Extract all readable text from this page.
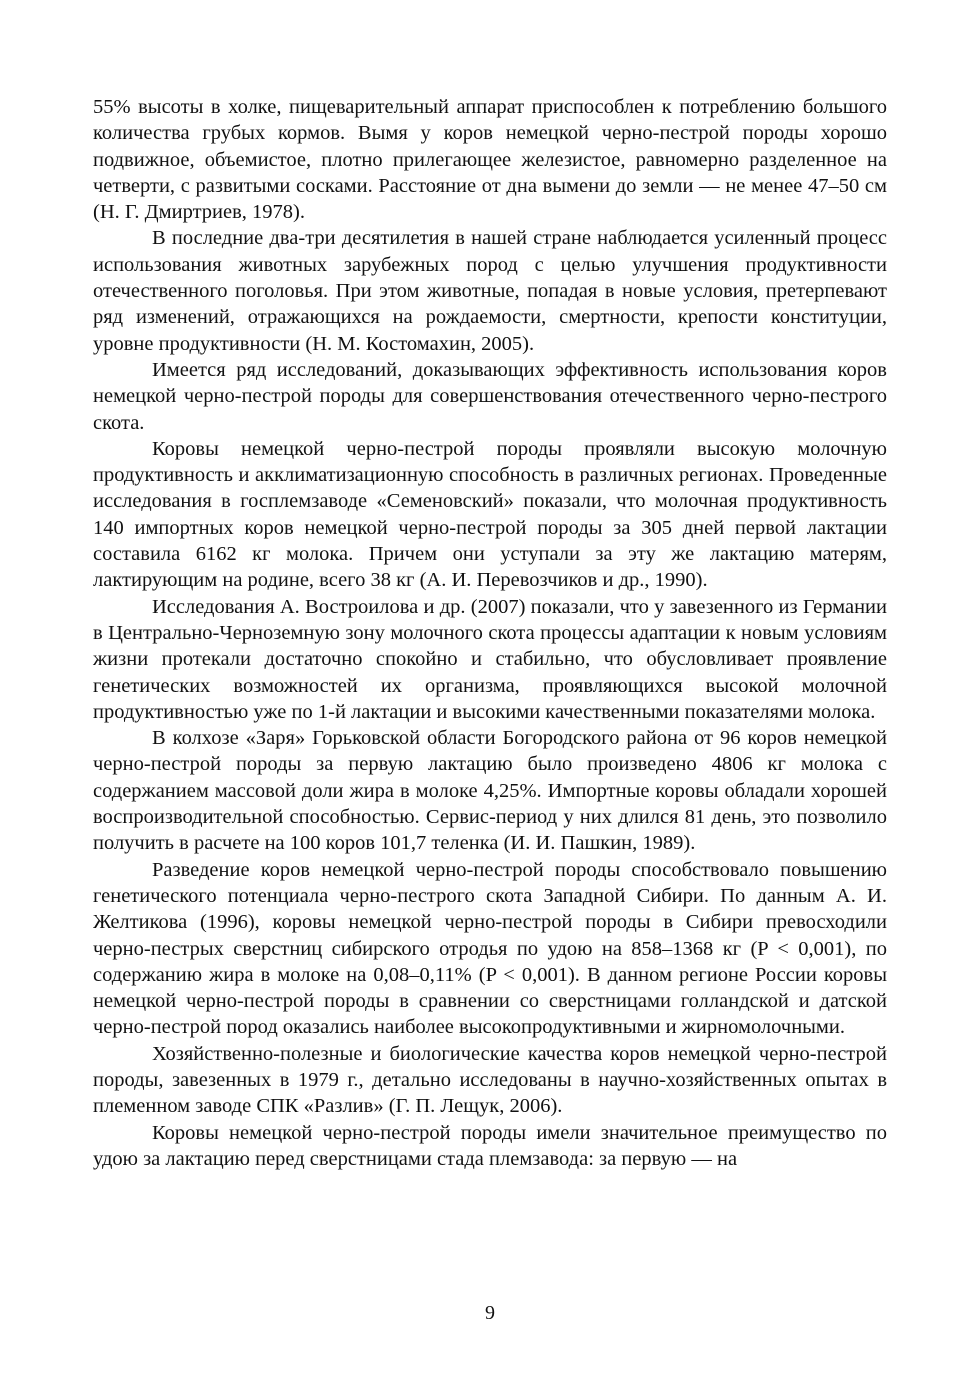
55% высоты в холке, пищеварительный аппарат приспособлен к потреблению большого количества грубых кормов. Вымя у коров немецкой черно-пестрой породы хорошо подвижное, объемистое, плотно прилегающее железистое, равномерно разделенное на четверти, с развитыми сосками. Расстояние от дна вымени до земли — не менее 47–50 см (Н. Г. Дмиртриев, 1978).

В последние два-три десятилетия в нашей стране наблюдается усиленный процесс использования животных зарубежных пород с целью улучшения продуктивности отечественного поголовья. При этом животные, попадая в новые условия, претерпевают ряд изменений, отражающихся на рождаемости, смертности, крепости конституции, уровне продуктивности (Н. М. Костомахин, 2005).

Имеется ряд исследований, доказывающих эффективность использования коров немецкой черно-пестрой породы для совершенствования отечественного черно-пестрого скота.

Коровы немецкой черно-пестрой породы проявляли высокую молочную продуктивность и акклиматизационную способность в различных регионах. Проведенные исследования в госплемзаводе «Семеновский» показали, что молочная продуктивность 140 импортных коров немецкой черно-пестрой породы за 305 дней первой лактации составила 6162 кг молока. Причем они уступали за эту же лактацию матерям, лактирующим на родине, всего 38 кг (А. И. Перевозчиков и др., 1990).

Исследования А. Востроилова и др. (2007) показали, что у завезенного из Германии в Центрально-Черноземную зону молочного скота процессы адаптации к новым условиям жизни протекали достаточно спокойно и стабильно, что обусловливает проявление генетических возможностей их организма, проявляющихся высокой молочной продуктивностью уже по 1-й лактации и высокими качественными показателями молока.

В колхозе «Заря» Горьковской области Богородского района от 96 коров немецкой черно-пестрой породы за первую лактацию было произведено 4806 кг молока с содержанием массовой доли жира в молоке 4,25%. Импортные коровы обладали хорошей воспроизводительной способностью. Сервис-период у них длился 81 день, это позволило получить в расчете на 100 коров 101,7 теленка (И. И. Пашкин, 1989).

Разведение коров немецкой черно-пестрой породы способствовало повышению генетического потенциала черно-пестрого скота Западной Сибири. По данным А. И. Желтикова (1996), коровы немецкой черно-пестрой породы в Сибири превосходили черно-пестрых сверстниц сибирского отродья по удою на 858–1368 кг (P < 0,001), по содержанию жира в молоке на 0,08–0,11% (P < 0,001). В данном регионе России коровы немецкой черно-пестрой породы в сравнении со сверстницами голландской и датской черно-пестрой пород оказались наиболее высокопродуктивными и жирномолочными.

Хозяйственно-полезные и биологические качества коров немецкой черно-пестрой породы, завезенных в 1979 г., детально исследованы в научно-хозяйственных опытах в племенном заводе СПК «Разлив» (Г. П. Лещук, 2006).

Коровы немецкой черно-пестрой породы имели значительное преимущество по удою за лактацию перед сверстницами стада племзавода: за первую — на

9
